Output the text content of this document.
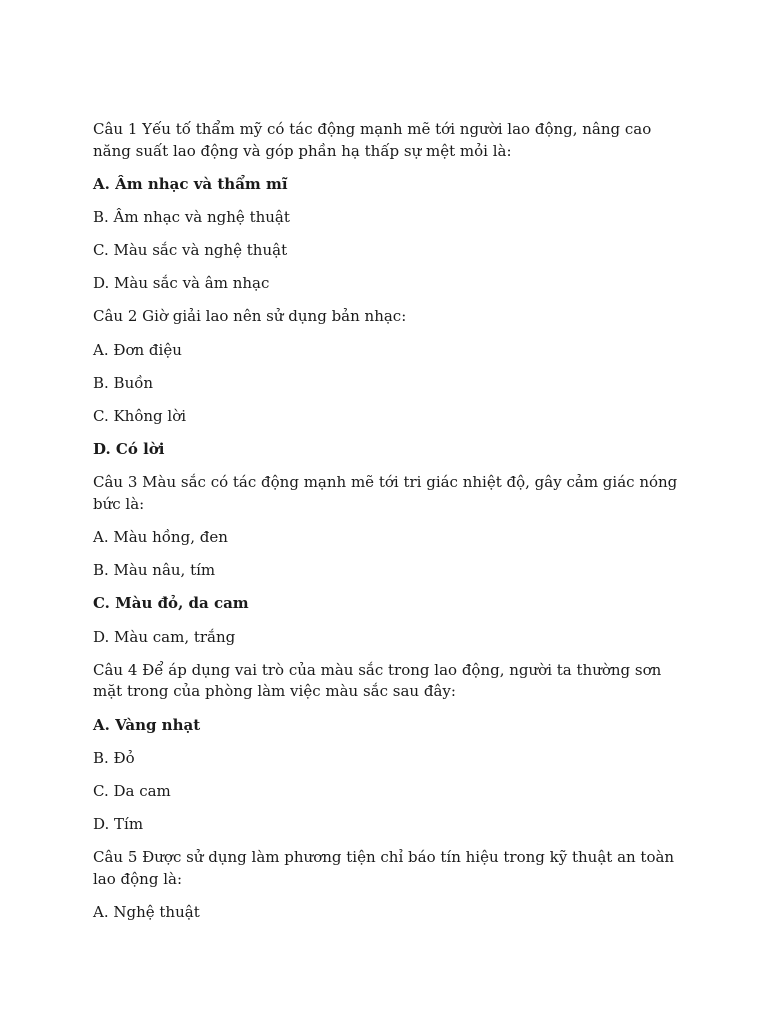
Câu 1 Yếu tố thẩm mỹ có tác động mạnh mẽ tới người lao động, nâng cao năng suất lao động và góp phần hạ thấp sự mệt mỏi là:

A. Âm nhạc và thẩm mĩ

B. Âm nhạc và nghệ thuật

C. Màu sắc và nghệ thuật

D. Màu sắc và âm nhạc

Câu 2 Giờ giải lao nên sử dụng bản nhạc:

A. Đơn điệu

B. Buồn

C. Không lời

D. Có lời

Câu 3 Màu sắc có tác động mạnh mẽ tới tri giác nhiệt độ, gây cảm giác nóng bức là:

A. Màu hồng, đen

B. Màu nâu, tím

C. Màu đỏ, da cam

D. Màu cam, trắng

Câu 4 Để áp dụng vai trò của màu sắc trong lao động, người ta thường sơn mặt trong của phòng làm việc màu sắc sau đây:

A. Vàng nhạt

B. Đỏ

C. Da cam

D. Tím

Câu 5 Được sử dụng làm phương tiện chỉ báo tín hiệu trong kỹ thuật an toàn lao động là:

A. Nghệ thuật
